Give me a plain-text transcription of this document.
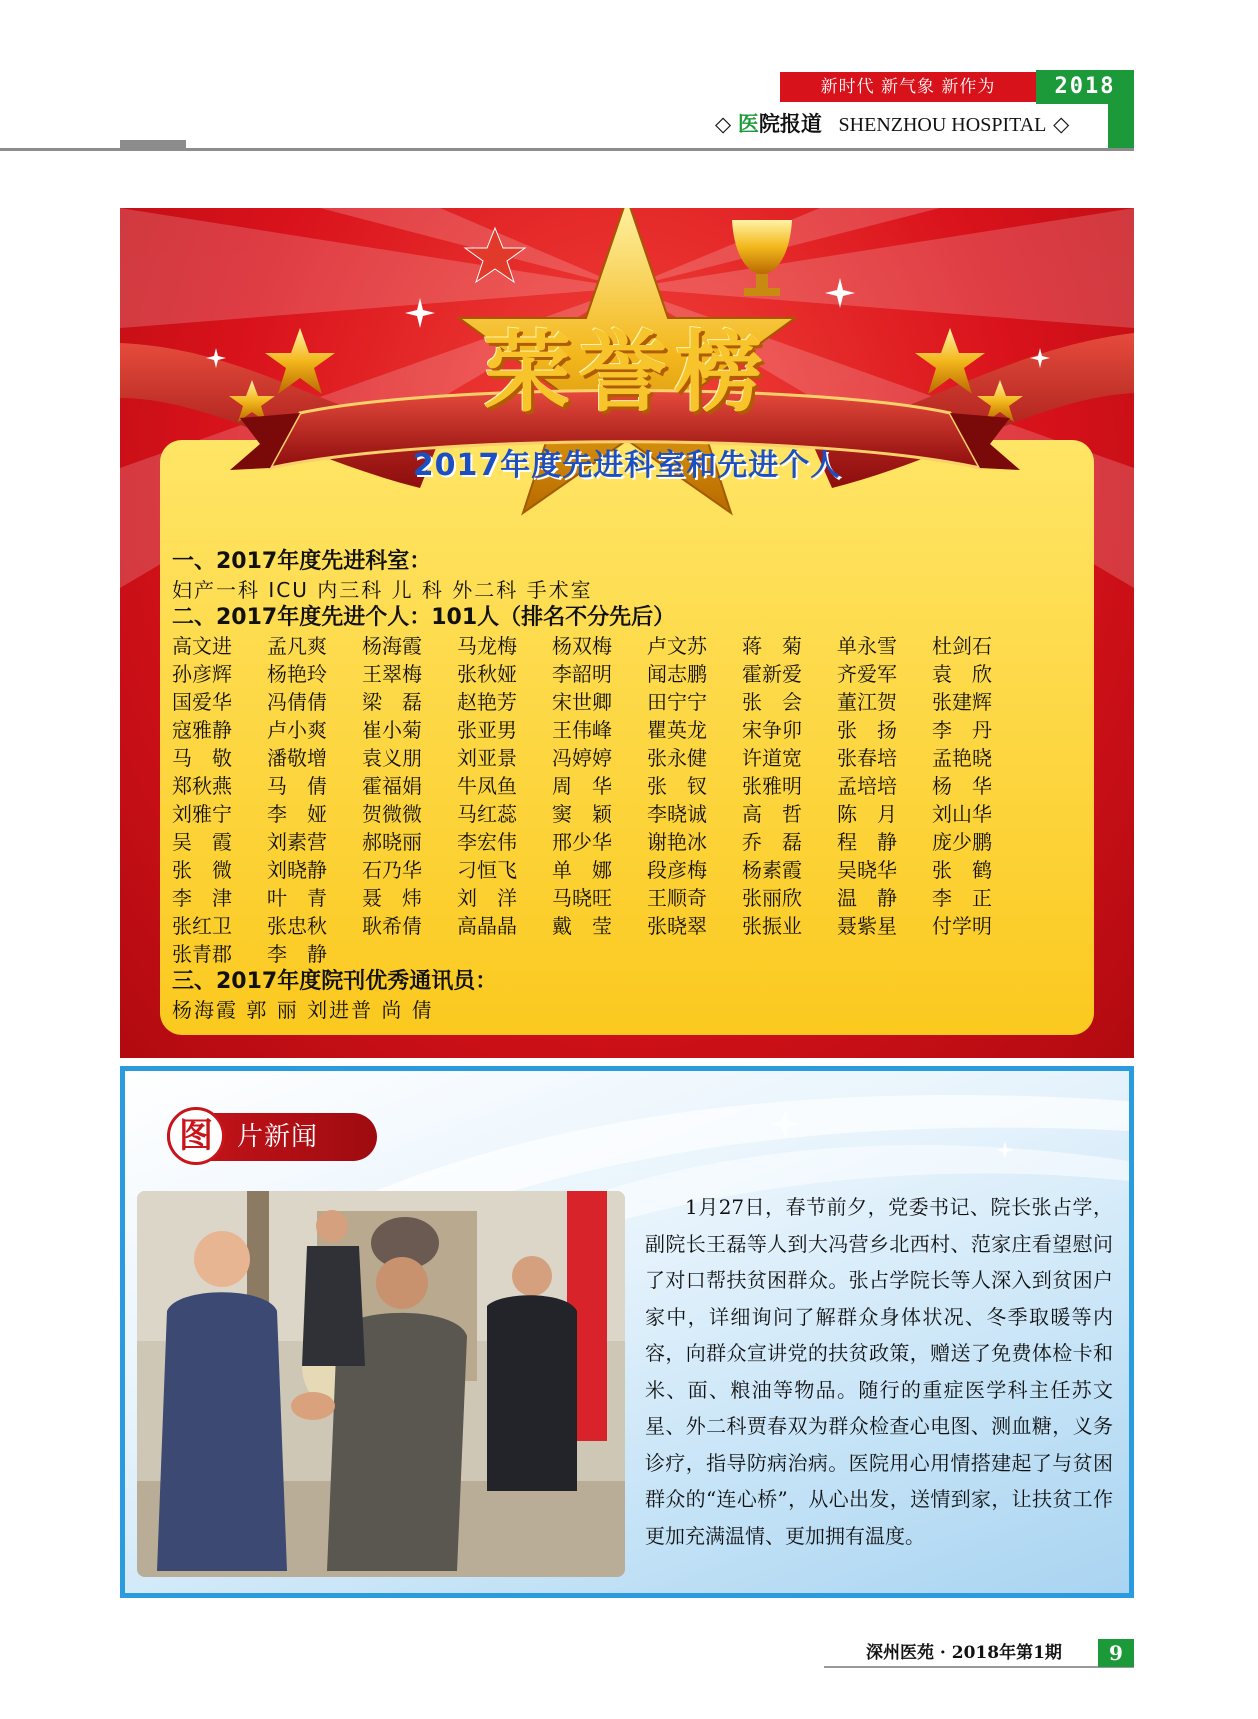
新时代 新气象 新作为	2018
◇ 医院报道 SHENZHOU HOSPITAL ◇
荣誉榜
2017年度先进科室和先进个人
一、2017年度先进科室：
妇产一科 ICU 内三科 儿 科 外二科 手术室
二、2017年度先进个人：101人（排名不分先后）
高文进	孟凡爽	杨海霞	马龙梅	杨双梅	卢文苏	蒋　菊	单永雪	杜剑石
孙彦辉	杨艳玲	王翠梅	张秋娅	李韶明	闻志鹏	霍新爱	齐爱军	袁　欣
国爱华	冯倩倩	梁　磊	赵艳芳	宋世卿	田宁宁	张　会	董江贺	张建辉
寇雅静	卢小爽	崔小菊	张亚男	王伟峰	瞿英龙	宋争卯	张　扬	李　丹
马　敬	潘敬增	袁义朋	刘亚景	冯婷婷	张永健	许道宽	张春培	孟艳晓
郑秋燕	马　倩	霍福娟	牛凤鱼	周　华	张　钗	张雅明	孟培培	杨　华
刘雅宁	李　娅	贺微微	马红蕊	窦　颖	李晓诚	高　哲	陈　月	刘山华
吴　霞	刘素营	郝晓丽	李宏伟	邢少华	谢艳冰	乔　磊	程　静	庞少鹏
张　微	刘晓静	石乃华	刁恒飞	单　娜	段彦梅	杨素霞	吴晓华	张　鹤
李　津	叶　青	聂　炜	刘　洋	马晓旺	王顺奇	张丽欣	温　静	李　正
张红卫	张忠秋	耿希倩	高晶晶	戴　莹	张晓翠	张振业	聂紫星	付学明
张青郡	李　静
三、2017年度院刊优秀通讯员：
杨海霞 郭 丽 刘进普 尚 倩
图 片新闻
1月27日，春节前夕，党委书记、院长张占学，副院长王磊等人到大冯营乡北西村、范家庄看望慰问了对口帮扶贫困群众。张占学院长等人深入到贫困户家中，详细询问了解群众身体状况、冬季取暖等内容，向群众宣讲党的扶贫政策，赠送了免费体检卡和米、面、粮油等物品。随行的重症医学科主任苏文星、外二科贾春双为群众检查心电图、测血糖，义务诊疗，指导防病治病。医院用心用情搭建起了与贫困群众的“连心桥”，从心出发，送情到家，让扶贫工作更加充满温情、更加拥有温度。
深州医苑 · 2018年第1期	9
